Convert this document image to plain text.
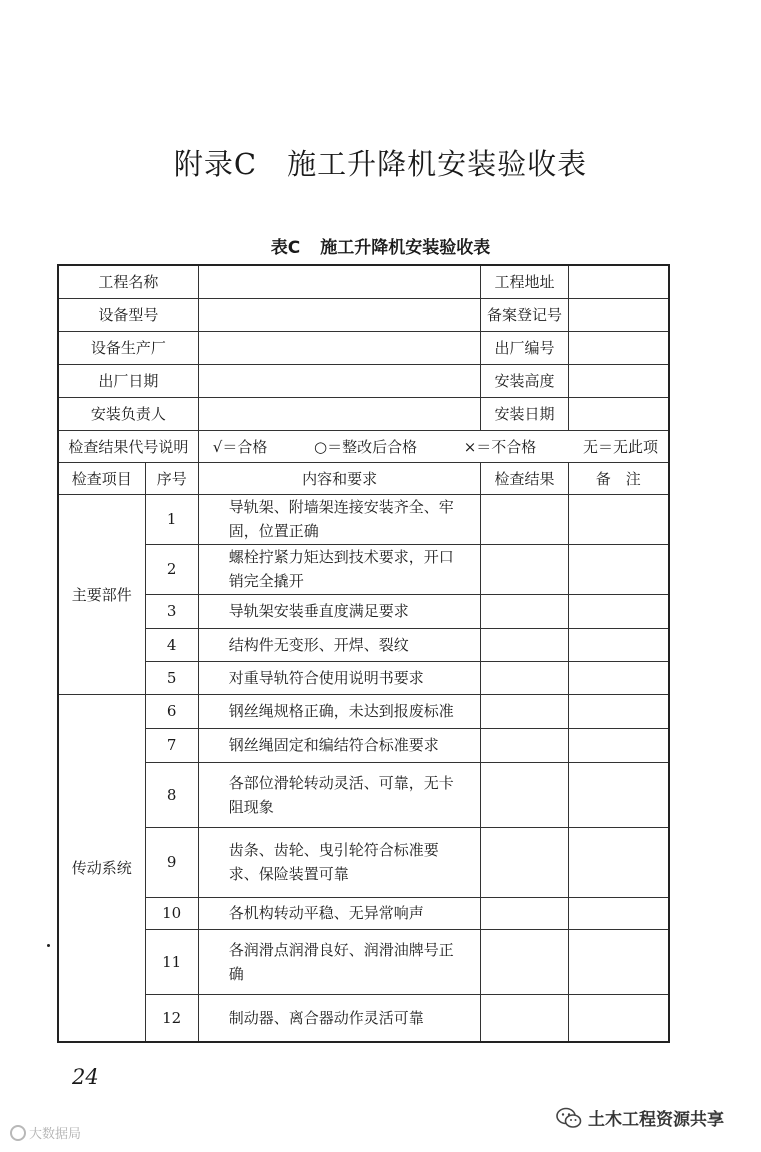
附录C 施工升降机安装验收表
表C 施工升降机安装验收表
工程名称			工程地址	
设备型号			备案登记号	
设备生产厂			出厂编号	
出厂日期			安装高度	
安装负责人			安装日期	
检查结果代号说明		√＝合格 ○＝整改后合格 ×＝不合格 无＝无此项		

检查项目	序号	内容和要求	检查结果	备　注
主要部件	1	导轨架、附墙架连接安装齐全、牢固，位置正确		
	2	螺栓拧紧力矩达到技术要求，开口销完全撬开		
	3	导轨架安装垂直度满足要求		
	4	结构件无变形、开焊、裂纹		
	5	对重导轨符合使用说明书要求		
传动系统	6	钢丝绳规格正确，未达到报废标准		
	7	钢丝绳固定和编结符合标准要求		
	8	各部位滑轮转动灵活、可靠，无卡阻现象		
	9	齿条、齿轮、曳引轮符合标准要求、保险装置可靠		
	10	各机构转动平稳、无异常响声		
	11	各润滑点润滑良好、润滑油牌号正确		
	12	制动器、离合器动作灵活可靠		
24
大数据局
土木工程资源共享
